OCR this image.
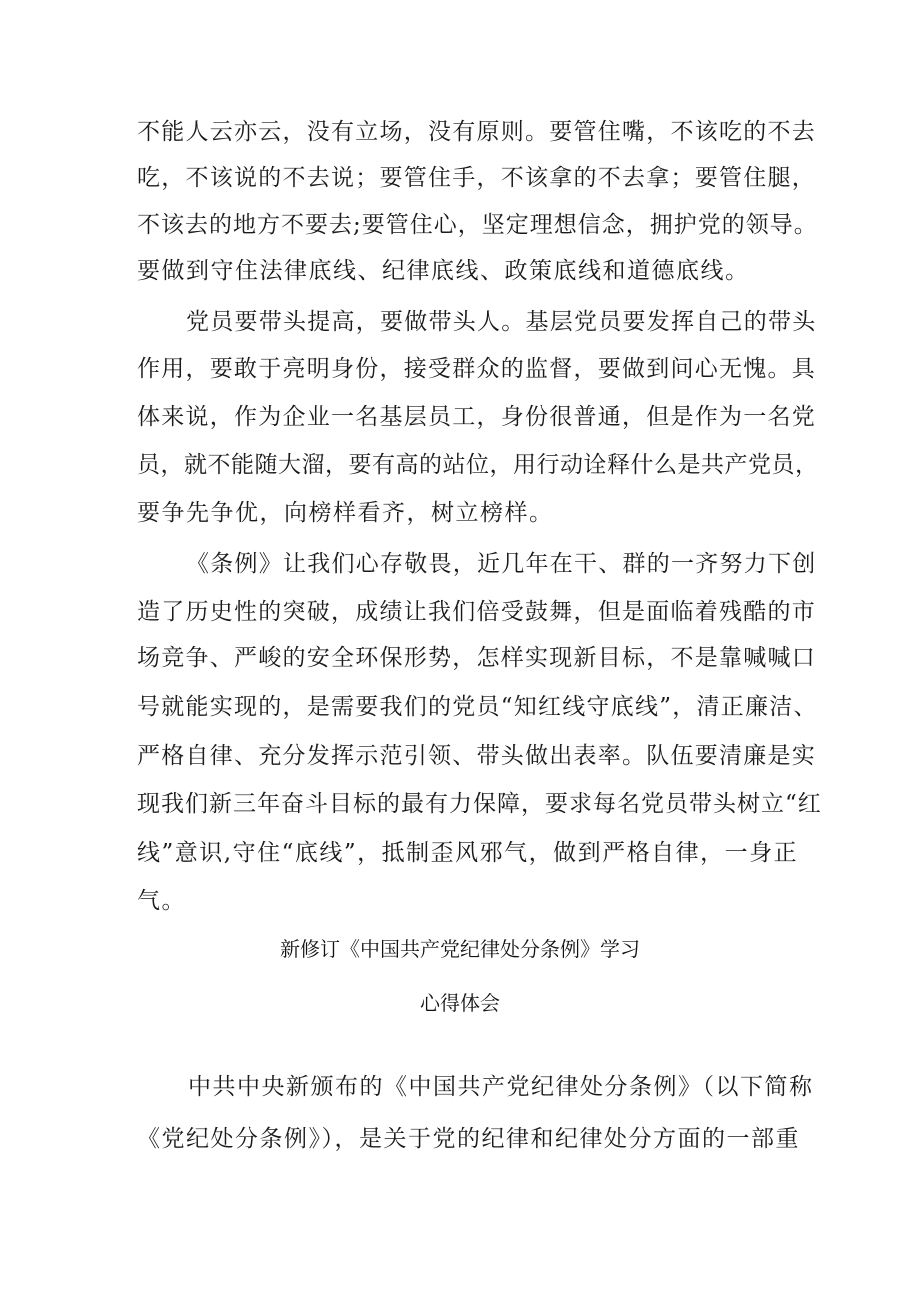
不能人云亦云，没有立场，没有原则。要管住嘴，不该吃的不去
吃，不该说的不去说；要管住手，不该拿的不去拿；要管住腿，
不该去的地方不要去;要管住心，坚定理想信念，拥护党的领导。
要做到守住法律底线、纪律底线、政策底线和道德底线。
党员要带头提高，要做带头人。基层党员要发挥自己的带头
作用，要敢于亮明身份，接受群众的监督，要做到问心无愧。具
体来说，作为企业一名基层员工，身份很普通，但是作为一名党
员，就不能随大溜，要有高的站位，用行动诠释什么是共产党员，
要争先争优，向榜样看齐，树立榜样。
《条例》让我们心存敬畏，近几年在干、群的一齐努力下创
造了历史性的突破，成绩让我们倍受鼓舞，但是面临着残酷的市
场竞争、严峻的安全环保形势，怎样实现新目标，不是靠喊喊口
号就能实现的，是需要我们的党员“知红线守底线”，清正廉洁、
严格自律、充分发挥示范引领、带头做出表率。队伍要清廉是实
现我们新三年奋斗目标的最有力保障，要求每名党员带头树立“红
线”意识,守住“底线”，抵制歪风邪气，做到严格自律，一身正
气。
新修订《中国共产党纪律处分条例》学习
心得体会
中共中央新颁布的《中国共产党纪律处分条例》（以下简称
《党纪处分条例》），是关于党的纪律和纪律处分方面的一部重
